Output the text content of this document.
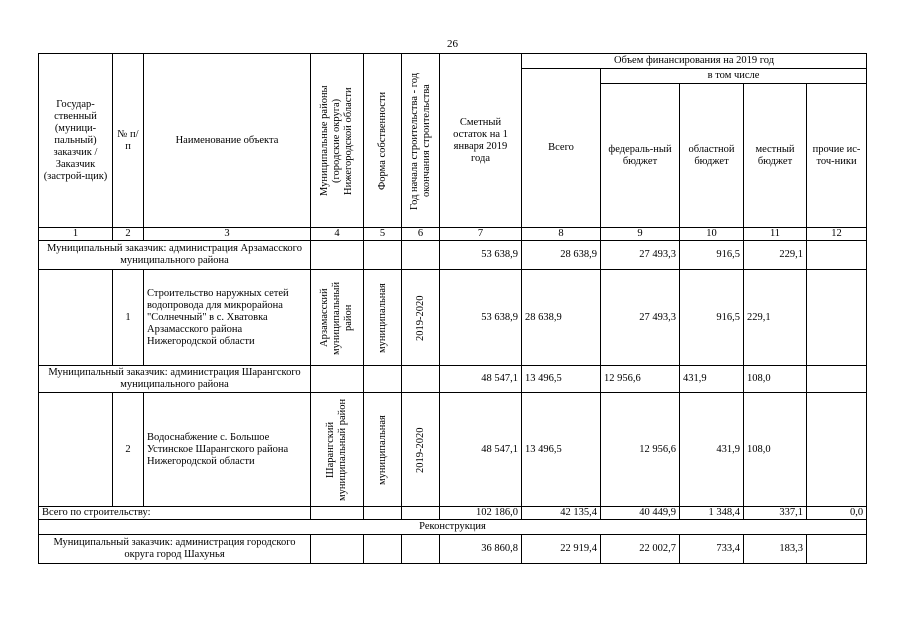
26
Государ-ственный (муници-пальный) заказчик / Заказчик (застрой-щик)	№ п/п	Наименование объекта	Муниципальные районы (городские округа) Нижегородской области	Форма собственности	Год начала строительства - год окончания строительства	Сметный остаток на 1 января 2019 года	Объем финансирования на 2019 год				
							Всего	в том числе			
								федераль-ный бюджет	областной бюджет	местный бюджет	прочие ис-точ-ники
1	2	3	4	5	6	7	8	9	10	11	12
Муниципальный заказчик: администрация Арзамасского муниципального района						53 638,9	28 638,9	27 493,3	916,5	229,1	
	1	Строительство наружных сетей водопровода для микрорайона "Солнечный" в с. Хватовка Арзамасского района Нижегородской области	Арзамасский муниципальный район	муниципальная	2019-2020	53 638,9	28 638,9	27 493,3	916,5	229,1	
Муниципальный заказчик: администрация Шарангского муниципального района						48 547,1	13 496,5	12 956,6	431,9	108,0	
	2	Водоснабжение с. Большое Устинское Шарангского района Нижегородской области	Шарангский муниципальный район	муниципальная	2019-2020	48 547,1	13 496,5	12 956,6	431,9	108,0	
Всего по строительству:						102 186,0	42 135,4	40 449,9	1 348,4	337,1	0,0
Реконструкция											
Муниципальный заказчик: администрация городского округа город Шахунья						36 860,8	22 919,4	22 002,7	733,4	183,3	
